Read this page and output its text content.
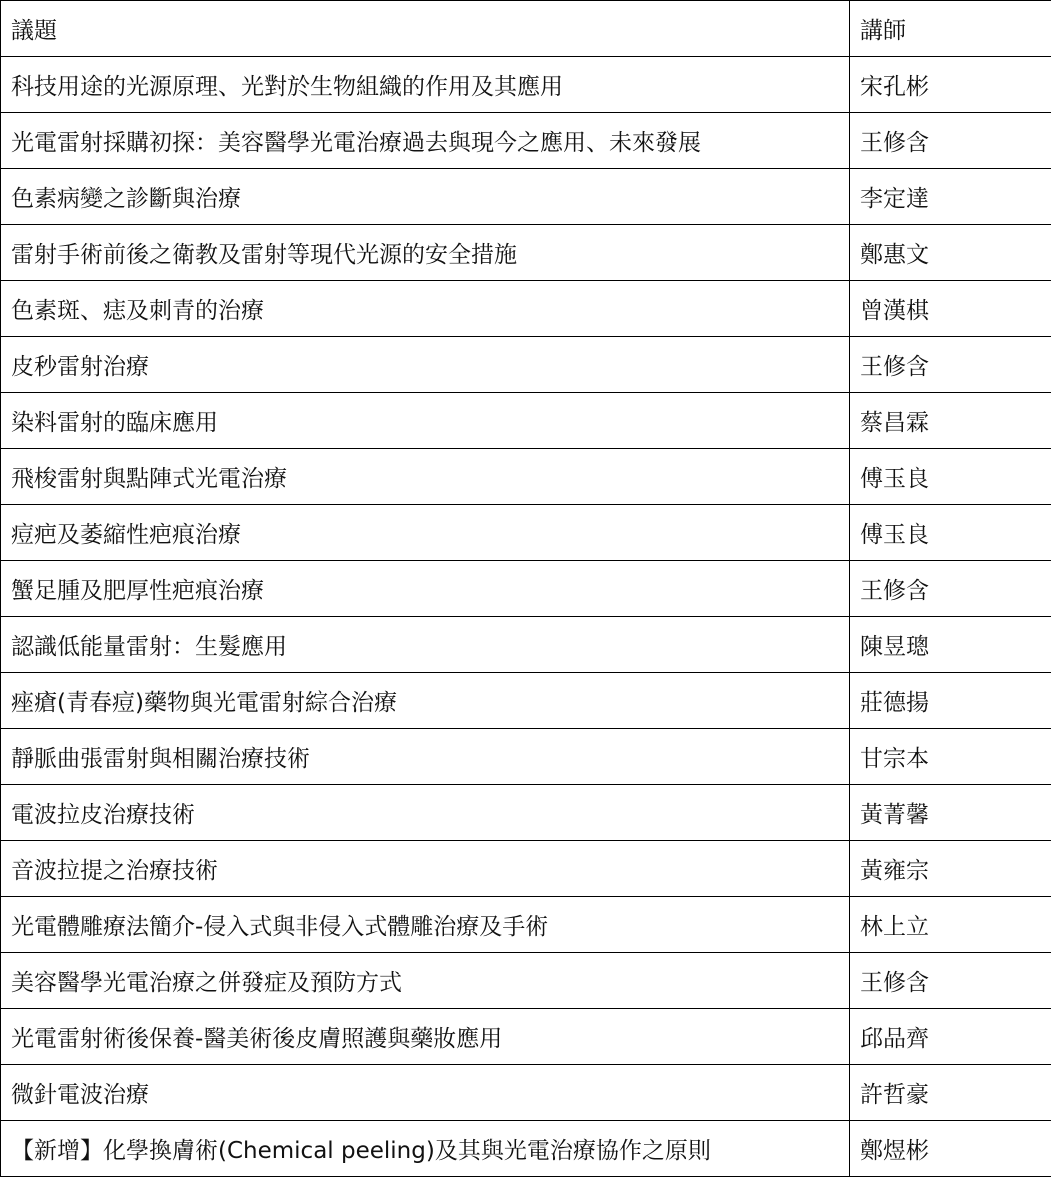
議題	講師
科技用途的光源原理、光對於生物組織的作用及其應用	宋孔彬
光電雷射採購初探：美容醫學光電治療過去與現今之應用、未來發展	王修含
色素病變之診斷與治療	李定達
雷射手術前後之衛教及雷射等現代光源的安全措施	鄭惠文
色素斑、痣及刺青的治療	曾漢棋
皮秒雷射治療	王修含
染料雷射的臨床應用	蔡昌霖
飛梭雷射與點陣式光電治療	傅玉良
痘疤及萎縮性疤痕治療	傅玉良
蟹足腫及肥厚性疤痕治療	王修含
認識低能量雷射：生髮應用	陳昱璁
痤瘡(青春痘)藥物與光電雷射綜合治療	莊德揚
靜脈曲張雷射與相關治療技術	甘宗本
電波拉皮治療技術	黃菁馨
音波拉提之治療技術	黃雍宗
光電體雕療法簡介-侵入式與非侵入式體雕治療及手術	林上立
美容醫學光電治療之併發症及預防方式	王修含
光電雷射術後保養-醫美術後皮膚照護與藥妝應用	邱品齊
微針電波治療	許哲豪
【新增】化學換膚術(Chemical peeling)及其與光電治療協作之原則	鄭煜彬
